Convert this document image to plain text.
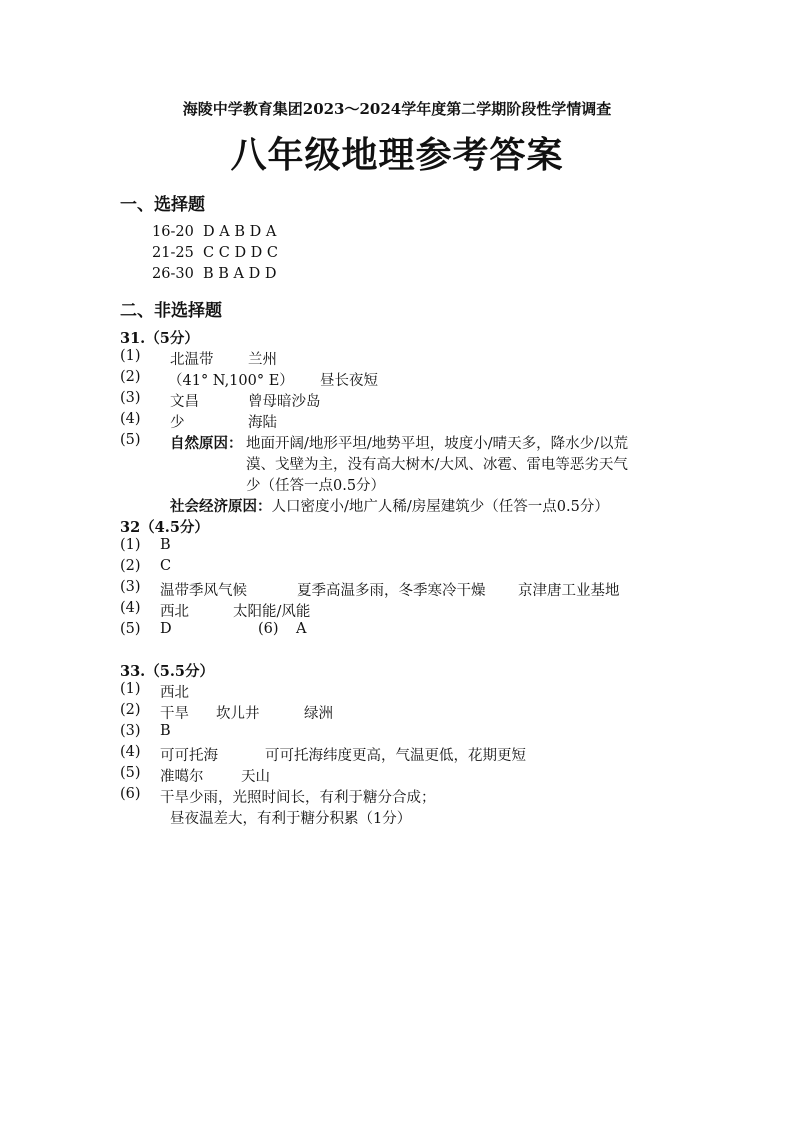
海陵中学教育集团2023～2024学年度第二学期阶段性学情调查
八年级地理参考答案
一、选择题
16-20 D A B D A
21-25 C C D D C
26-30 B B A D D
二、非选择题
31.（5分）
(1) 北温带 兰州
(2) （41° N,100° E） 昼长夜短
(3) 文昌	曾母暗沙岛
(4) 少	海陆
(5) 自然原因： 地面开阔/地形平坦/地势平坦，坡度小/晴天多，降水少/以荒
漠、戈壁为主，没有高大树木/大风、冰雹、雷电等恶劣天气
少（任答一点0.5分）
社会经济原因：人口密度小/地广人稀/房屋建筑少（任答一点0.5分）
32（4.5分）
(1) B
(2) C
(3) 温带季风气候	夏季高温多雨，冬季寒冷干燥 京津唐工业基地
(4) 西北	太阳能/风能
(5) D	(6) A
33.（5.5分）
(1) 西北
(2) 干旱 坎儿井	绿洲
(3) B
(4) 可可托海	可可托海纬度更高，气温更低，花期更短
(5) 准噶尔	天山
(6) 干旱少雨，光照时间长，有利于糖分合成；
昼夜温差大，有利于糖分积累（1分）
